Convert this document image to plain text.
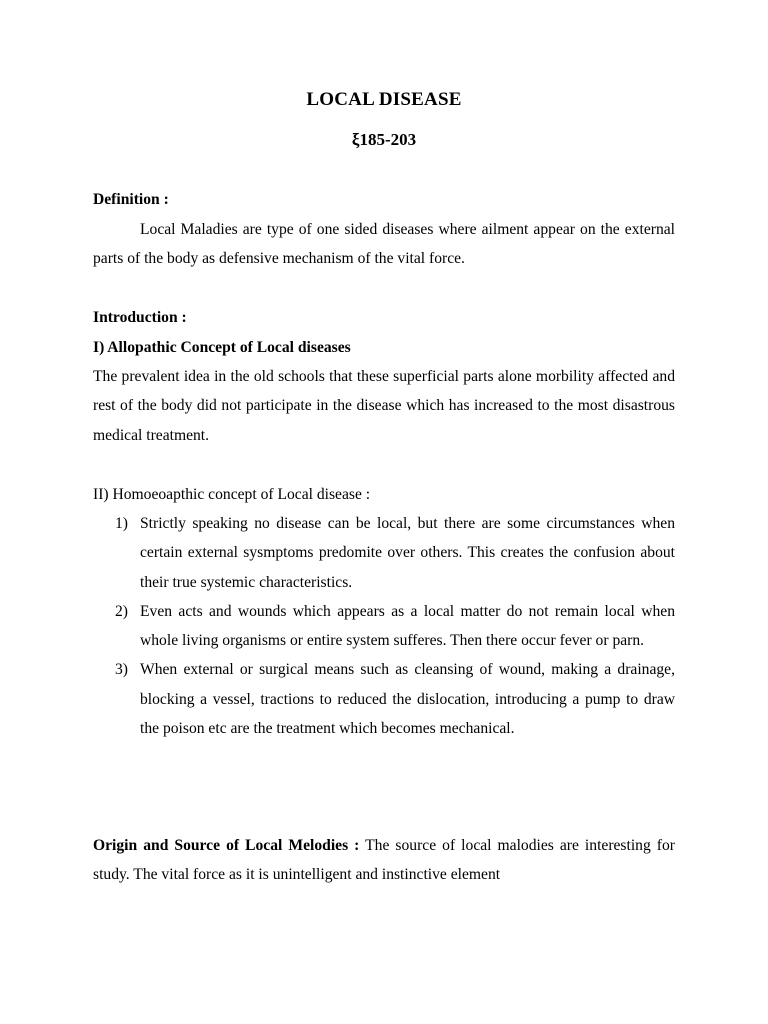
LOCAL DISEASE
ξ185-203
Definition :
Local Maladies are type of one sided diseases where ailment appear on the external parts of the body as defensive mechanism of the vital force.
Introduction :
I) Allopathic Concept of Local diseases
The prevalent idea in the old schools that these superficial parts alone morbility affected and rest of the body did not participate in the disease which has increased to the most disastrous medical treatment.
II) Homoeoapthic concept of Local disease :
1) Strictly speaking no disease can be local, but there are some circumstances when certain external sysmptoms predomite over others. This creates the confusion about their true systemic characteristics.
2) Even acts and wounds which appears as a local matter do not remain local when whole living organisms or entire system sufferes. Then there occur fever or parn.
3) When external or surgical means such as cleansing of wound, making a drainage, blocking a vessel, tractions to reduced the dislocation, introducing a pump to draw the poison etc are the treatment which becomes mechanical.
Origin and Source of Local Melodies : The source of local malodies are interesting for study. The vital force as it is unintelligent and instinctive element
